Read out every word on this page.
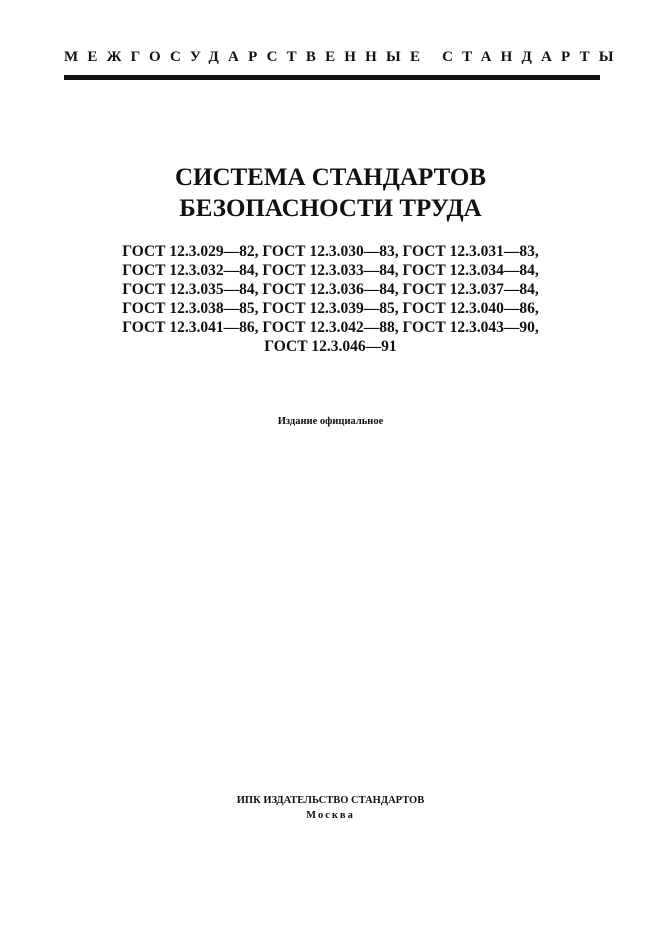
МЕЖГОСУДАРСТВЕННЫЕ СТАНДАРТЫ
СИСТЕМА СТАНДАРТОВ
БЕЗОПАСНОСТИ ТРУДА
ГОСТ 12.3.029—82, ГОСТ 12.3.030—83, ГОСТ 12.3.031—83,
ГОСТ 12.3.032—84, ГОСТ 12.3.033—84, ГОСТ 12.3.034—84,
ГОСТ 12.3.035—84, ГОСТ 12.3.036—84, ГОСТ 12.3.037—84,
ГОСТ 12.3.038—85, ГОСТ 12.3.039—85, ГОСТ 12.3.040—86,
ГОСТ 12.3.041—86, ГОСТ 12.3.042—88, ГОСТ 12.3.043—90,
ГОСТ 12.3.046—91
Издание официальное
ИПК ИЗДАТЕЛЬСТВО СТАНДАРТОВ
Москва
